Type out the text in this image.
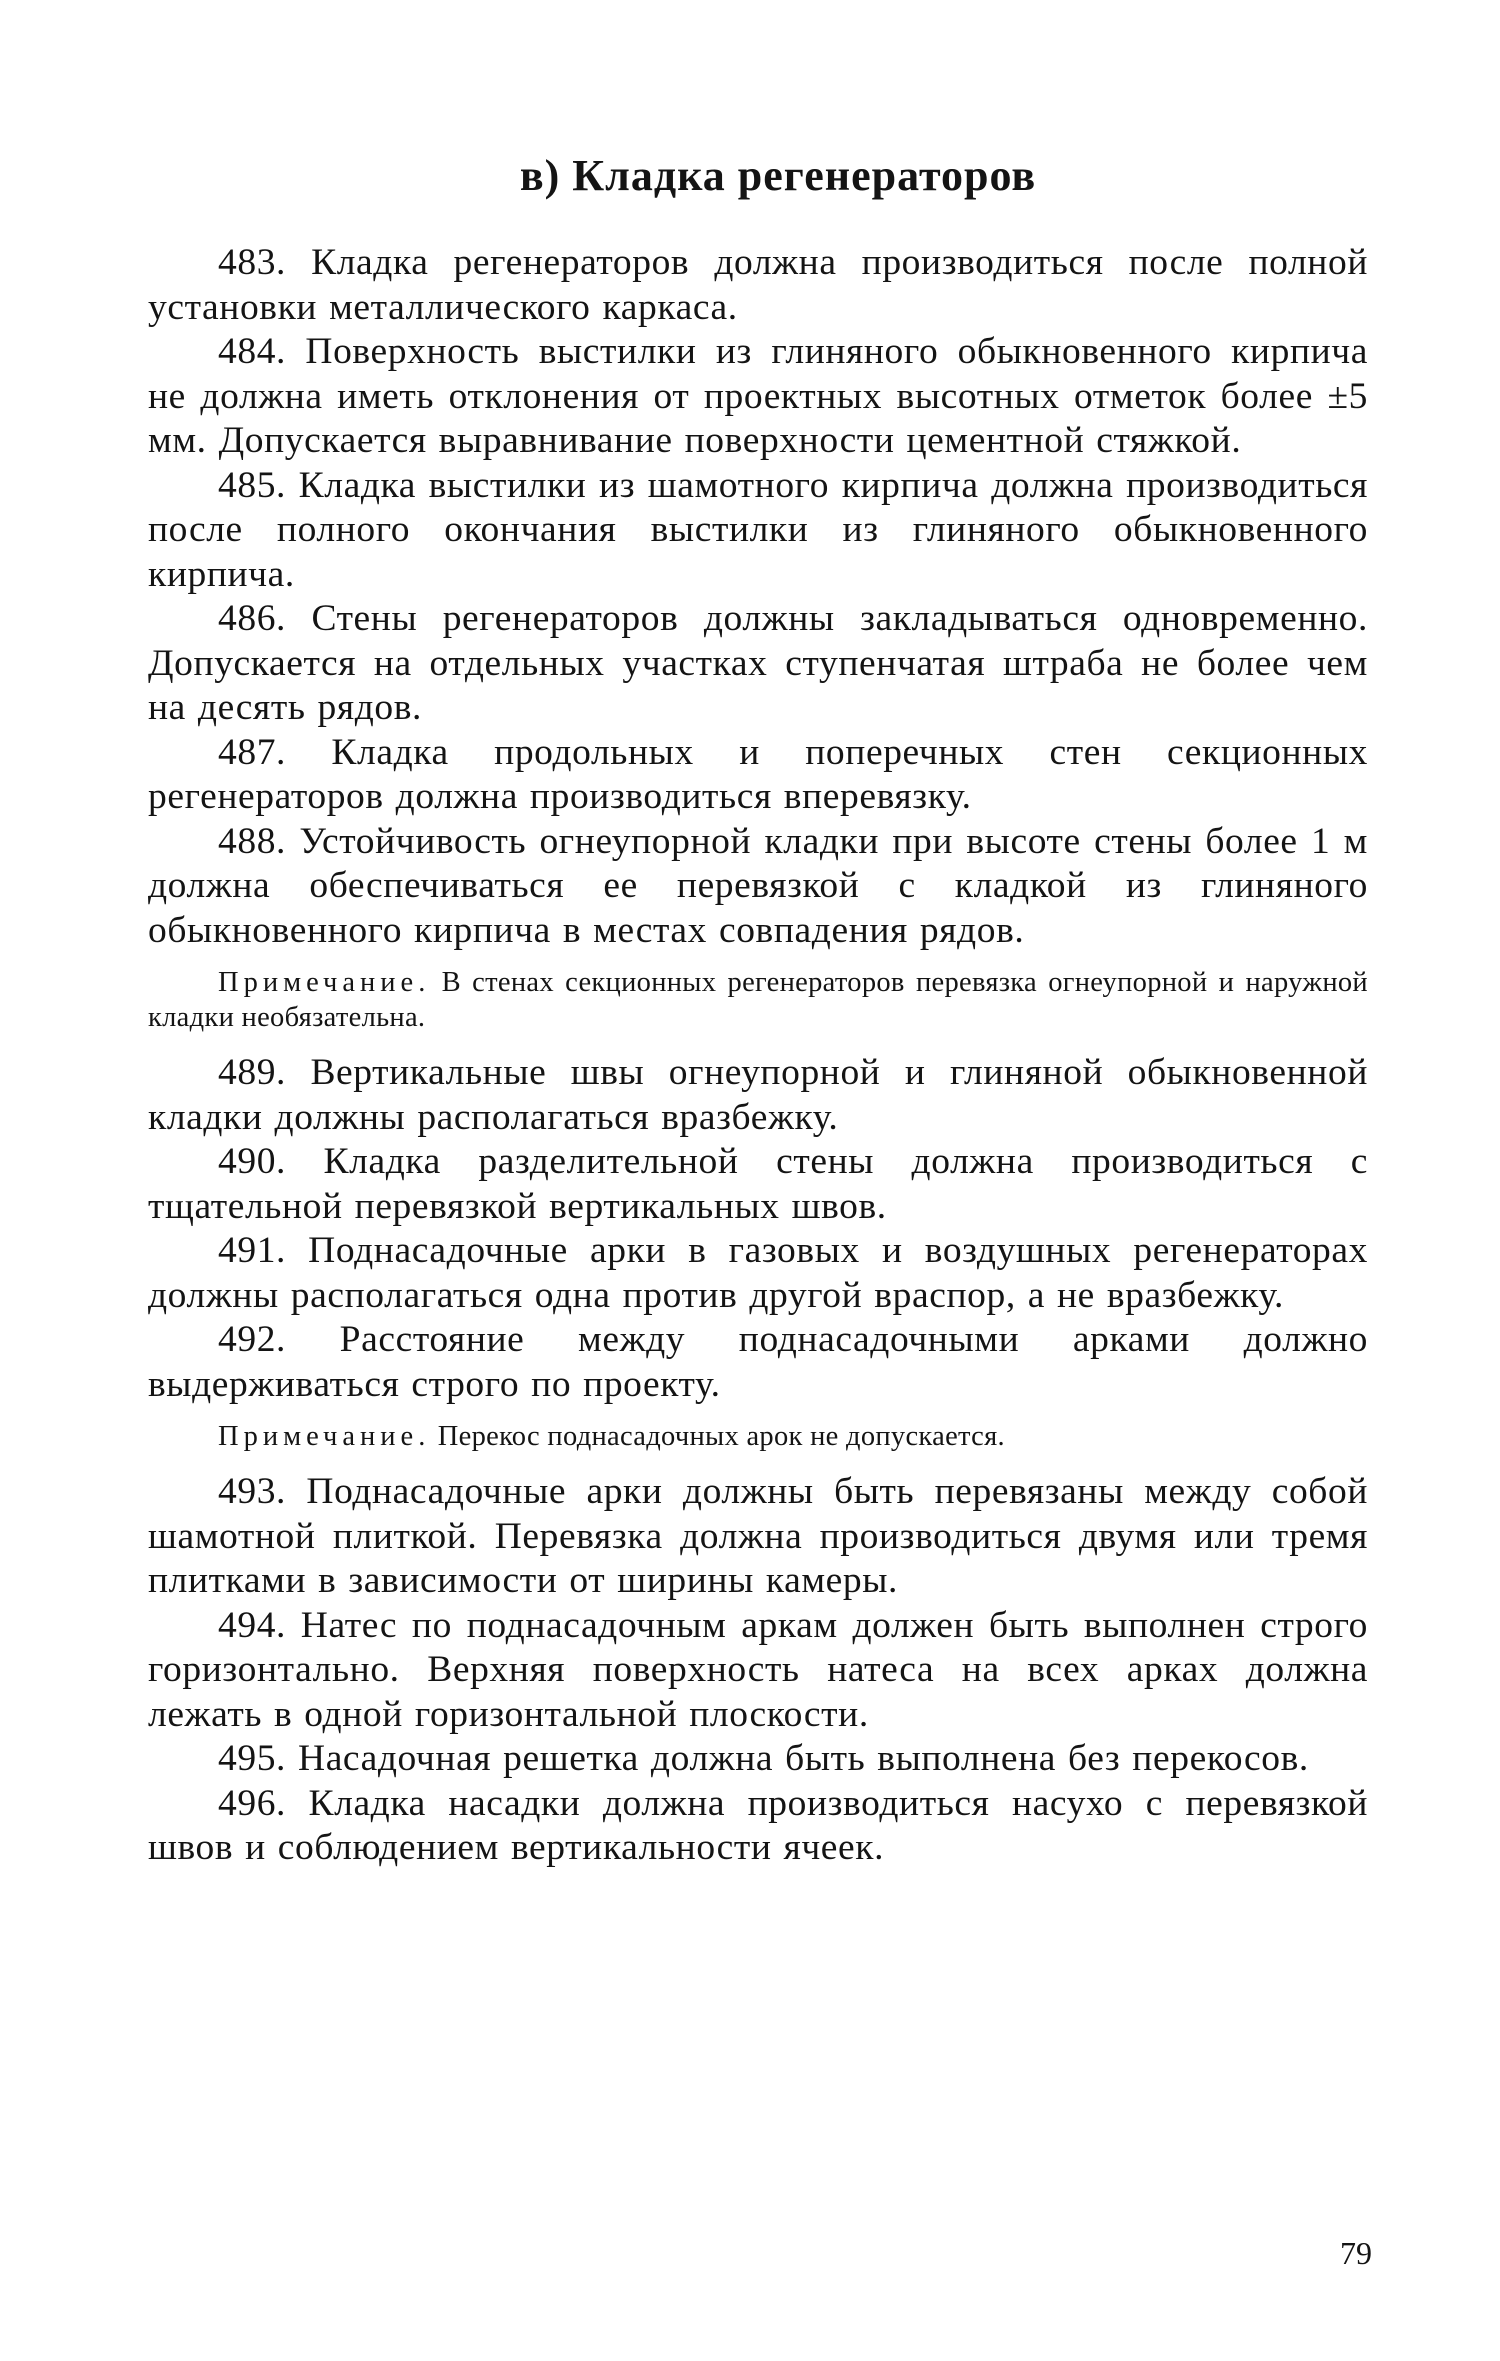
в) Кладка регенераторов

483. Кладка регенераторов должна производиться после полной установки металлического каркаса.

484. Поверхность выстилки из глиняного обыкновенного кирпича не должна иметь отклонения от проектных высотных отметок более ±5 мм. Допускается выравнивание поверхности цементной стяжкой.

485. Кладка выстилки из шамотного кирпича должна производиться после полного окончания выстилки из глиняного обыкновенного кирпича.

486. Стены регенераторов должны закладываться одновременно. Допускается на отдельных участках ступенчатая штраба не более чем на десять рядов.

487. Кладка продольных и поперечных стен секционных регенераторов должна производиться вперевязку.

488. Устойчивость огнеупорной кладки при высоте стены более 1 м должна обеспечиваться ее перевязкой с кладкой из глиняного обыкновенного кирпича в местах совпадения рядов.

Примечание. В стенах секционных регенераторов перевязка огнеупорной и наружной кладки необязательна.

489. Вертикальные швы огнеупорной и глиняной обыкновенной кладки должны располагаться вразбежку.

490. Кладка разделительной стены должна производиться с тщательной перевязкой вертикальных швов.

491. Поднасадочные арки в газовых и воздушных регенераторах должны располагаться одна против другой враспор, а не вразбежку.

492. Расстояние между поднасадочными арками должно выдерживаться строго по проекту.

Примечание. Перекос поднасадочных арок не допускается.

493. Поднасадочные арки должны быть перевязаны между собой шамотной плиткой. Перевязка должна производиться двумя или тремя плитками в зависимости от ширины камеры.

494. Натес по поднасадочным аркам должен быть выполнен строго горизонтально. Верхняя поверхность натеса на всех арках должна лежать в одной горизонтальной плоскости.

495. Насадочная решетка должна быть выполнена без перекосов.

496. Кладка насадки должна производиться насухо с перевязкой швов и соблюдением вертикальности ячеек.

79
